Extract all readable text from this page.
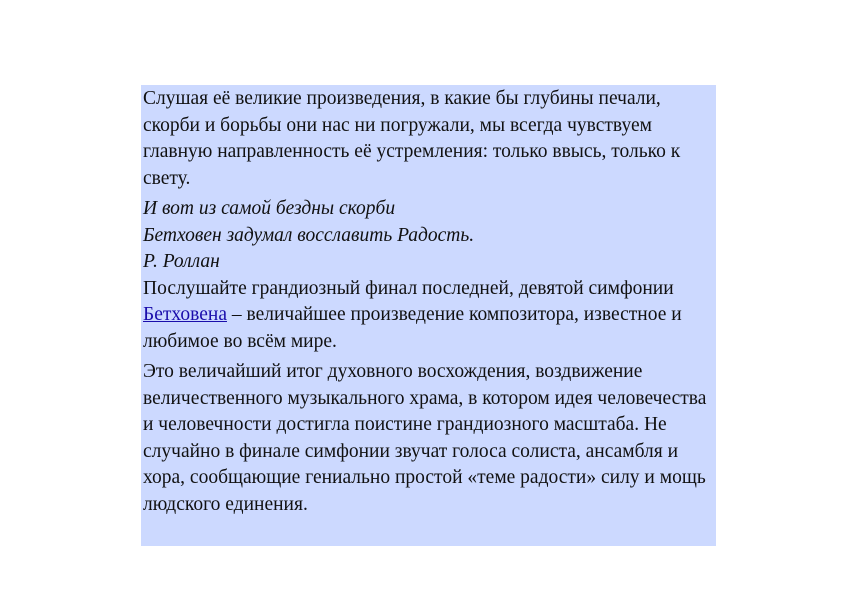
Слушая её великие произведения, в какие бы глубины печали, скорби и борьбы они нас ни погружали, мы всегда чувствуем главную направленность её устремления: только ввысь, только к свету.

И вот из самой бездны скорби

Бетховен задумал восславить Радость.

Р. Роллан

Послушайте грандиозный финал последней, девятой симфонии Бетховена – величайшее произведение композитора, известное и любимое во всём мире.

Это величайший итог духовного восхождения, воздвижение величественного музыкального храма, в котором идея человечества и человечности достигла поистине грандиозного масштаба. Не случайно в финале симфонии звучат голоса солиста, ансамбля и хора, сообщающие гениально простой «теме радости» силу и мощь людского единения.
